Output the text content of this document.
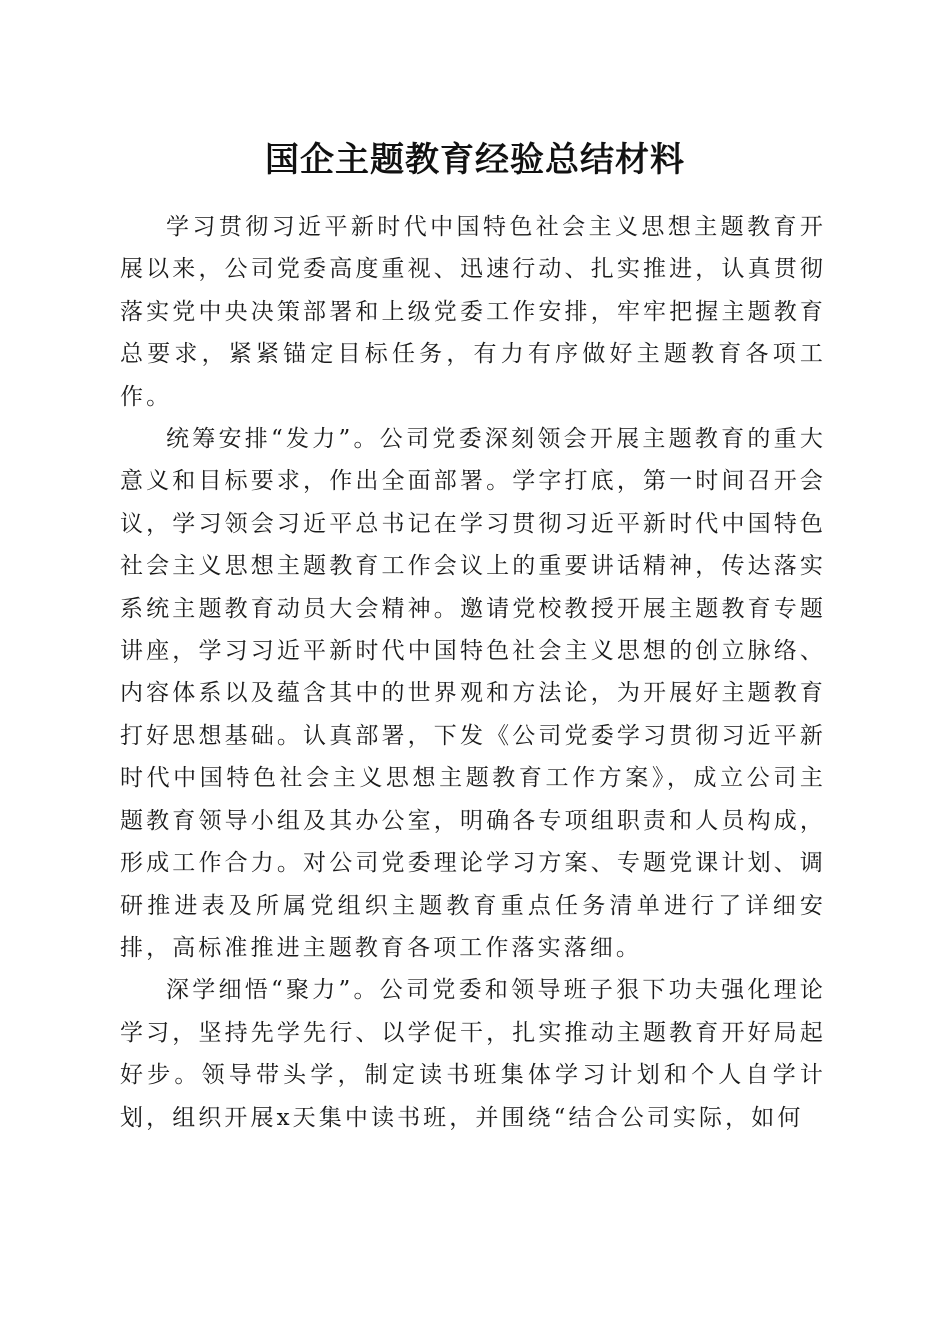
国企主题教育经验总结材料

学习贯彻习近平新时代中国特色社会主义思想主题教育开展以来，公司党委高度重视、迅速行动、扎实推进，认真贯彻落实党中央决策部署和上级党委工作安排，牢牢把握主题教育总要求，紧紧锚定目标任务，有力有序做好主题教育各项工作。

统筹安排“发力”。公司党委深刻领会开展主题教育的重大意义和目标要求，作出全面部署。学字打底，第一时间召开会议，学习领会习近平总书记在学习贯彻习近平新时代中国特色社会主义思想主题教育工作会议上的重要讲话精神，传达落实系统主题教育动员大会精神。邀请党校教授开展主题教育专题讲座，学习习近平新时代中国特色社会主义思想的创立脉络、内容体系以及蕴含其中的世界观和方法论，为开展好主题教育打好思想基础。认真部署，下发《公司党委学习贯彻习近平新时代中国特色社会主义思想主题教育工作方案》，成立公司主题教育领导小组及其办公室，明确各专项组职责和人员构成，形成工作合力。对公司党委理论学习方案、专题党课计划、调研推进表及所属党组织主题教育重点任务清单进行了详细安排，高标准推进主题教育各项工作落实落细。

深学细悟“聚力”。公司党委和领导班子狠下功夫强化理论学习，坚持先学先行、以学促干，扎实推动主题教育开好局起好步。领导带头学，制定读书班集体学习计划和个人自学计划，组织开展x天集中读书班，并围绕“结合公司实际，如何
